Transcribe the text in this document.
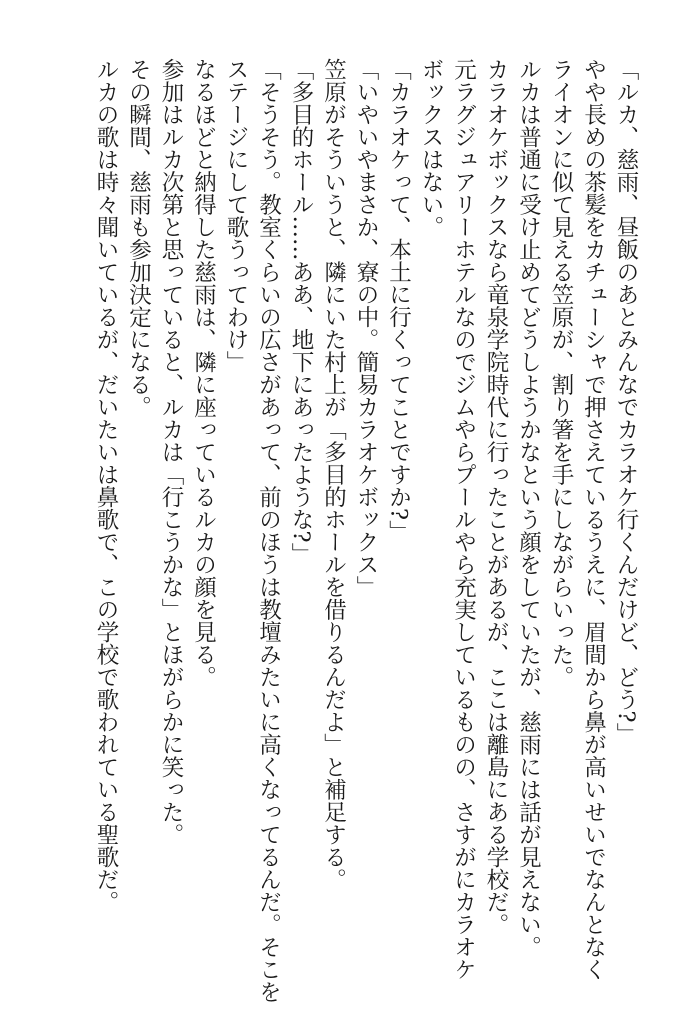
「ルカ、慈雨、昼飯のあとみんなでカラオケ行くんだけど、どう?」
やや長めの茶髪をカチューシャで押さえているうえに、眉間から鼻が高いせいでなんとなく
ライオンに似て見える笠原が、割り箸を手にしながらいった。
ルカは普通に受け止めてどうしようかなという顔をしていたが、慈雨には話が見えない。
カラオケボックスなら竜泉学院時代に行ったことがあるが、ここは離島にある学校だ。
元ラグジュアリーホテルなのでジムやらプールやら充実しているものの、さすがにカラオケ
ボックスはない。
「カラオケって、本土に行くってことですか?」
「いやいやまさか、寮の中。簡易カラオケボックス」
笠原がそういうと、隣にいた村上が「多目的ホールを借りるんだよ」と補足する。
「多目的ホール……ああ、地下にあったような?」
「そうそう。教室くらいの広さがあって、前のほうは教壇みたいに高くなってるんだ。そこを
ステージにして歌うってわけ」
なるほどと納得した慈雨は、隣に座っているルカの顔を見る。
参加はルカ次第と思っていると、ルカは「行こうかな」とほがらかに笑った。
その瞬間、慈雨も参加決定になる。
ルカの歌は時々聞いているが、だいたいは鼻歌で、この学校で歌われている聖歌だ。
